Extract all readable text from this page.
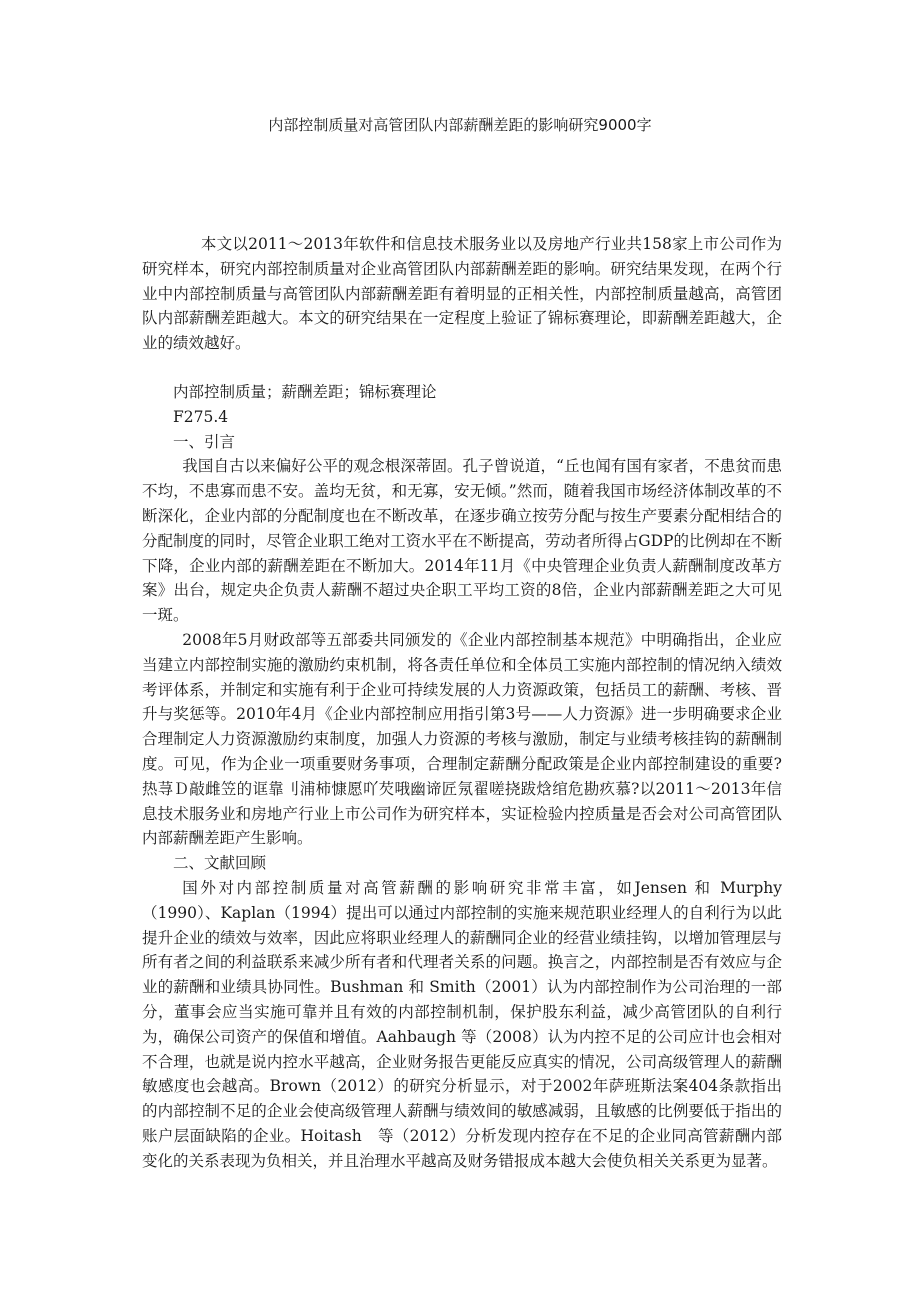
内部控制质量对高管团队内部薪酬差距的影响研究9000字

本文以2011～2013年软件和信息技术服务业以及房地产行业共158家上市公司作为研究样本，研究内部控制质量对企业高管团队内部薪酬差距的影响。研究结果发现，在两个行业中内部控制质量与高管团队内部薪酬差距有着明显的正相关性，内部控制质量越高，高管团队内部薪酬差距越大。本文的研究结果在一定程度上验证了锦标赛理论，即薪酬差距越大，企业的绩效越好。

内部控制质量；薪酬差距；锦标赛理论

F275.4

一、引言

我国自古以来偏好公平的观念根深蒂固。孔子曾说道，“丘也闻有国有家者，不患贫而患不均，不患寡而患不安。盖均无贫，和无寡，安无倾。”然而，随着我国市场经济体制改革的不断深化，企业内部的分配制度也在不断改革，在逐步确立按劳分配与按生产要素分配相结合的分配制度的同时，尽管企业职工绝对工资水平在不断提高，劳动者所得占GDP的比例却在不断下降，企业内部的薪酬差距在不断加大。2014年11月《中央管理企业负责人薪酬制度改革方案》出台，规定央企负责人薪酬不超过央企职工平均工资的8倍，企业内部薪酬差距之大可见一斑。

2008年5月财政部等五部委共同颁发的《企业内部控制基本规范》中明确指出，企业应当建立内部控制实施的激励约束机制，将各责任单位和全体员工实施内部控制的情况纳入绩效考评体系，并制定和实施有利于企业可持续发展的人力资源政策，包括员工的薪酬、考核、晋升与奖惩等。2010年4月《企业内部控制应用指引第3号——人力资源》进一步明确要求企业合理制定人力资源激励约束制度，加强人力资源的考核与激励，制定与业绩考核挂钩的薪酬制度。可见，作为企业一项重要财务事项，合理制定薪酬分配政策是企业内部控制建设的重要?热荨Ｄ敲雌笠的诓靠刂浦柿慷愿吖芡哦幽谛匠氖翟嗟挠跋焓绾危勘疚慕?以2011～2013年信息技术服务业和房地产行业上市公司作为研究样本，实证检验内控质量是否会对公司高管团队内部薪酬差距产生影响。

二、文献回顾

国外对内部控制质量对高管薪酬的影响研究非常丰富，如Jensen 和 Murphy（1990）、Kaplan（1994）提出可以通过内部控制的实施来规范职业经理人的自利行为以此提升企业的绩效与效率，因此应将职业经理人的薪酬同企业的经营业绩挂钩，以增加管理层与所有者之间的利益联系来减少所有者和代理者关系的问题。换言之，内部控制是否有效应与企业的薪酬和业绩具协同性。Bushman 和 Smith（2001）认为内部控制作为公司治理的一部分，董事会应当实施可靠并且有效的内部控制机制，保护股东利益，减少高管团队的自利行为，确保公司资产的保值和增值。Aahbaugh 等（2008）认为内控不足的公司应计也会相对不合理，也就是说内控水平越高，企业财务报告更能反应真实的情况，公司高级管理人的薪酬敏感度也会越高。Brown（2012）的研究分析显示，对于2002年萨班斯法案404条款指出的内部控制不足的企业会使高级管理人薪酬与绩效间的敏感减弱，且敏感的比例要低于指出的账户层面缺陷的企业。Hoitash　等（2012）分析发现内控存在不足的企业同高管薪酬内部变化的关系表现为负相关，并且治理水平越高及财务错报成本越大会使负相关关系更为显著。
